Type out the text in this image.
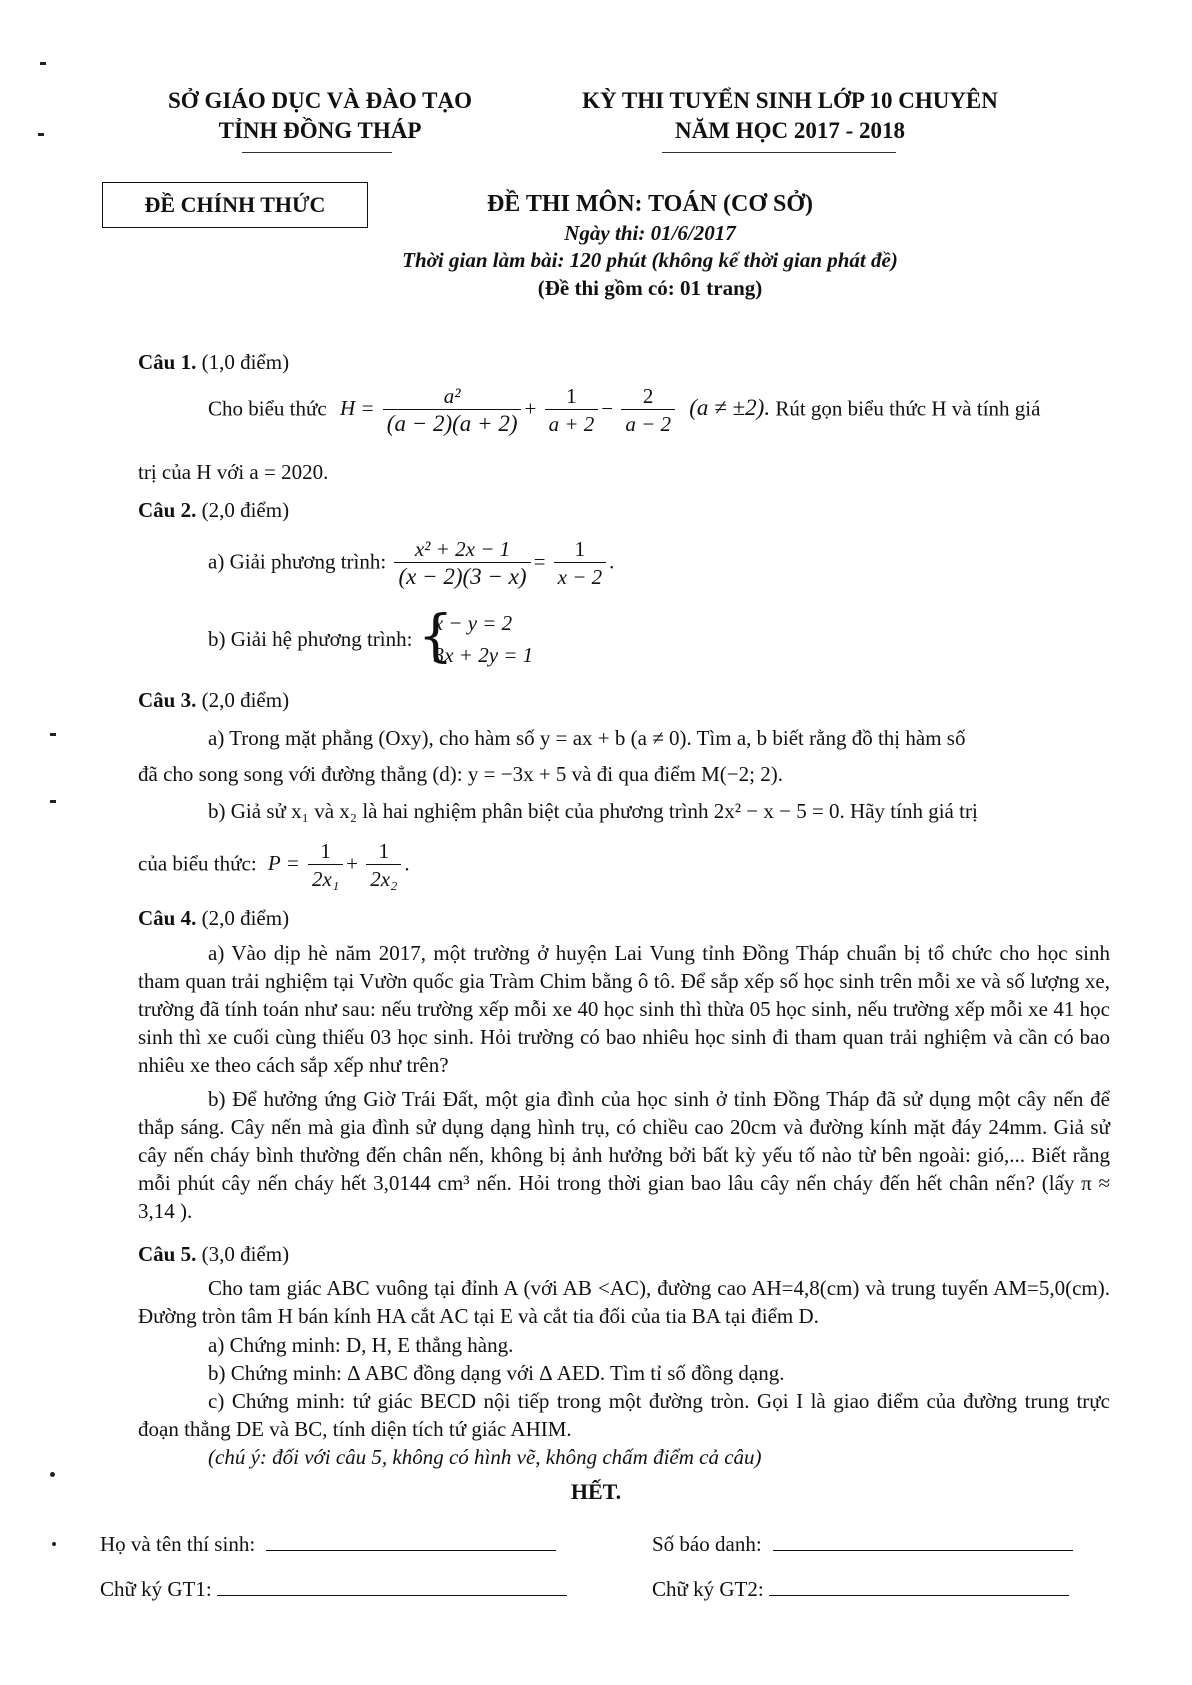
SỞ GIÁO DỤC VÀ ĐÀO TẠO
TỈNH ĐỒNG THÁP
KỲ THI TUYỂN SINH LỚP 10 CHUYÊN
NĂM HỌC 2017 - 2018
ĐỀ CHÍNH THỨC	ĐỀ THI MÔN: TOÁN (CƠ SỞ)
Ngày thi: 01/6/2017
Thời gian làm bài: 120 phút (không kể thời gian phát đề)
(Đề thi gồm có: 01 trang)
Câu 1. (1,0 điểm)
Cho biểu thức $H = \frac{\text{a²}}{(a - 2)(a + 2)} + \frac{1}{a + 2} - \frac{2}{a - 2} (a \ne \pm 2)$. Rút gọn biểu thức H và tính giá
trị của H với a = 2020.
Câu 2. (2,0 điểm)
a) Giải phương trình: $\frac{\text{x² + 2x − 1}}{(x - 2)(3 - x)} = \frac{1}{x - 2}$ .
b) Giải hệ phương trình: {
x − y = 2
3x + 2y = 1
Câu 3. (2,0 điểm)
a) Trong mặt phẳng (Oxy), cho hàm số y = ax + b (a ≠ 0). Tìm a, b biết rằng đồ thị hàm số
đã cho song song với đường thẳng (d): y = −3x + 5 và đi qua điểm M(−2; 2).
b) Giả sử x₁ và x₂ là hai nghiệm phân biệt của phương trình 2x² − x − 5 = 0. Hãy tính giá trị
của biểu thức: $P = \frac{1}{\text{2x₁}} + \frac{1}{\text{2x₂}}$ .
Câu 4. (2,0 điểm)
a) Vào dịp hè năm 2017, một trường ở huyện Lai Vung tỉnh Đồng Tháp chuẩn bị tổ chức cho học sinh tham quan trải nghiệm tại Vườn quốc gia Tràm Chim bằng ô tô. Để sắp xếp số học sinh trên mỗi xe và số lượng xe, trường đã tính toán như sau: nếu trường xếp mỗi xe 40 học sinh thì thừa 05 học sinh, nếu trường xếp mỗi xe 41 học sinh thì xe cuối cùng thiếu 03 học sinh. Hỏi trường có bao nhiêu học sinh đi tham quan trải nghiệm và cần có bao nhiêu xe theo cách sắp xếp như trên?
b) Để hưởng ứng Giờ Trái Đất, một gia đình của học sinh ở tỉnh Đồng Tháp đã sử dụng một cây nến để thắp sáng. Cây nến mà gia đình sử dụng dạng hình trụ, có chiều cao 20cm và đường kính mặt đáy 24mm. Giả sử cây nến cháy bình thường đến chân nến, không bị ảnh hưởng bởi bất kỳ yếu tố nào từ bên ngoài: gió,... Biết rằng mỗi phút cây nến cháy hết 3,0144 cm³ nến. Hỏi trong thời gian bao lâu cây nến cháy đến hết chân nến? (lấy π ≈ 3,14 ).
Câu 5. (3,0 điểm)
Cho tam giác ABC vuông tại đỉnh A (với AB <AC), đường cao AH=4,8(cm) và trung tuyến AM=5,0(cm). Đường tròn tâm H bán kính HA cắt AC tại E và cắt tia đối của tia BA tại điểm D.
a) Chứng minh: D, H, E thẳng hàng.
b) Chứng minh: Δ ABC đồng dạng với Δ AED. Tìm tỉ số đồng dạng.
c) Chứng minh: tứ giác BECD nội tiếp trong một đường tròn. Gọi I là giao điểm của đường trung trực đoạn thẳng DE và BC, tính diện tích tứ giác AHIM.
(chú ý: đối với câu 5, không có hình vẽ, không chấm điểm cả câu)
HẾT.
Họ và tên thí sinh:	Số báo danh:
Chữ ký GT1:	Chữ ký GT2:
